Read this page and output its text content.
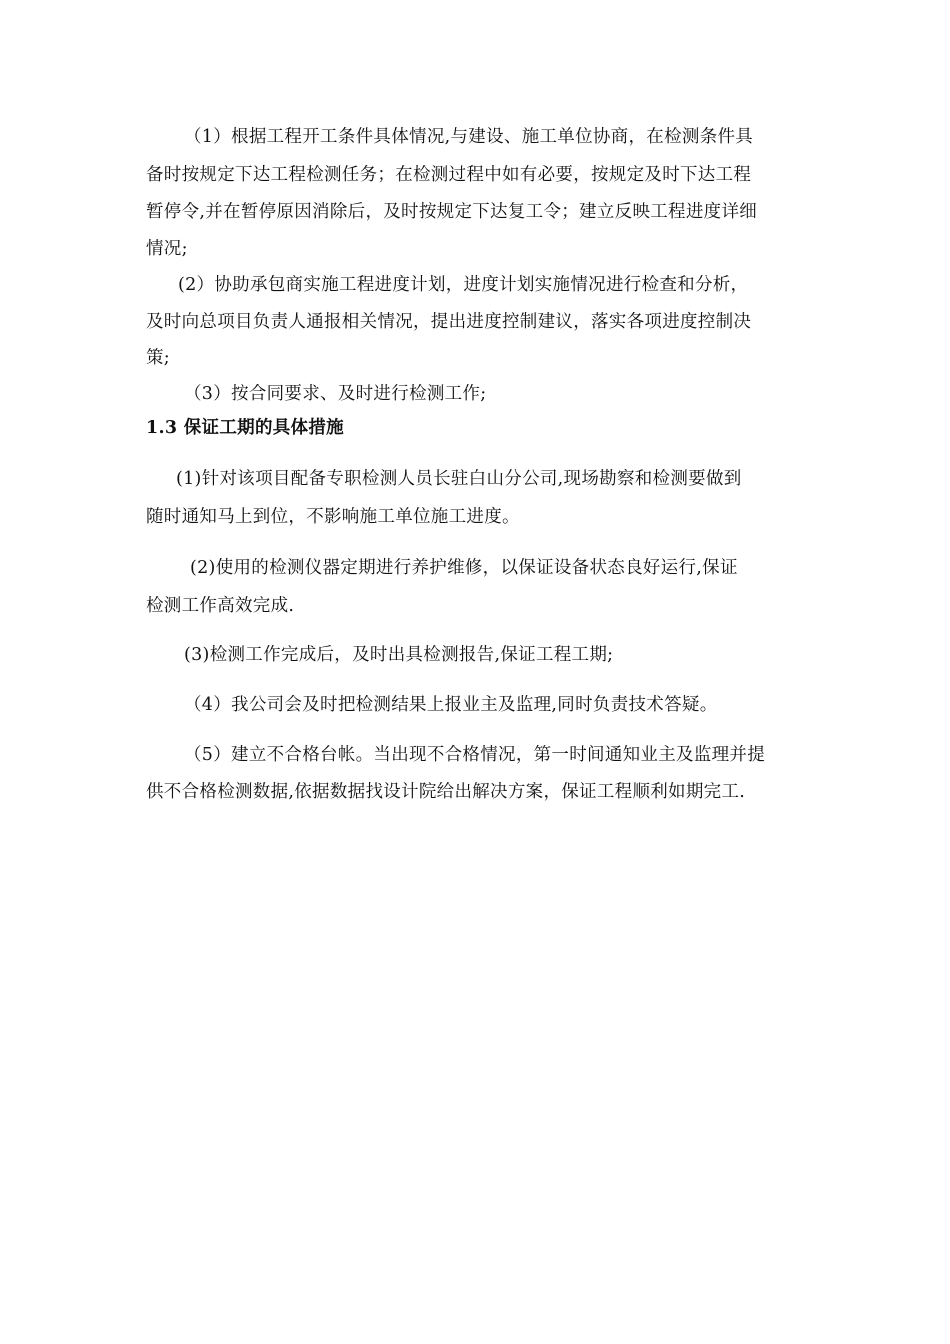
（1）根据工程开工条件具体情况,与建设、施工单位协商，在检测条件具
备时按规定下达工程检测任务；在检测过程中如有必要，按规定及时下达工程
暂停令,并在暂停原因消除后，及时按规定下达复工令；建立反映工程进度详细
情况;
(2）协助承包商实施工程进度计划，进度计划实施情况进行检查和分析，
及时向总项目负责人通报相关情况，提出进度控制建议，落实各项进度控制决
策;
（3）按合同要求、及时进行检测工作;
1.3 保证工期的具体措施
(1)针对该项目配备专职检测人员长驻白山分公司,现场勘察和检测要做到
随时通知马上到位，不影响施工单位施工进度。
(2)使用的检测仪器定期进行养护维修，以保证设备状态良好运行,保证
检测工作高效完成.
(3)检测工作完成后，及时出具检测报告,保证工程工期;
（4）我公司会及时把检测结果上报业主及监理,同时负责技术答疑。
（5）建立不合格台帐。当出现不合格情况，第一时间通知业主及监理并提
供不合格检测数据,依据数据找设计院给出解决方案，保证工程顺利如期完工.
